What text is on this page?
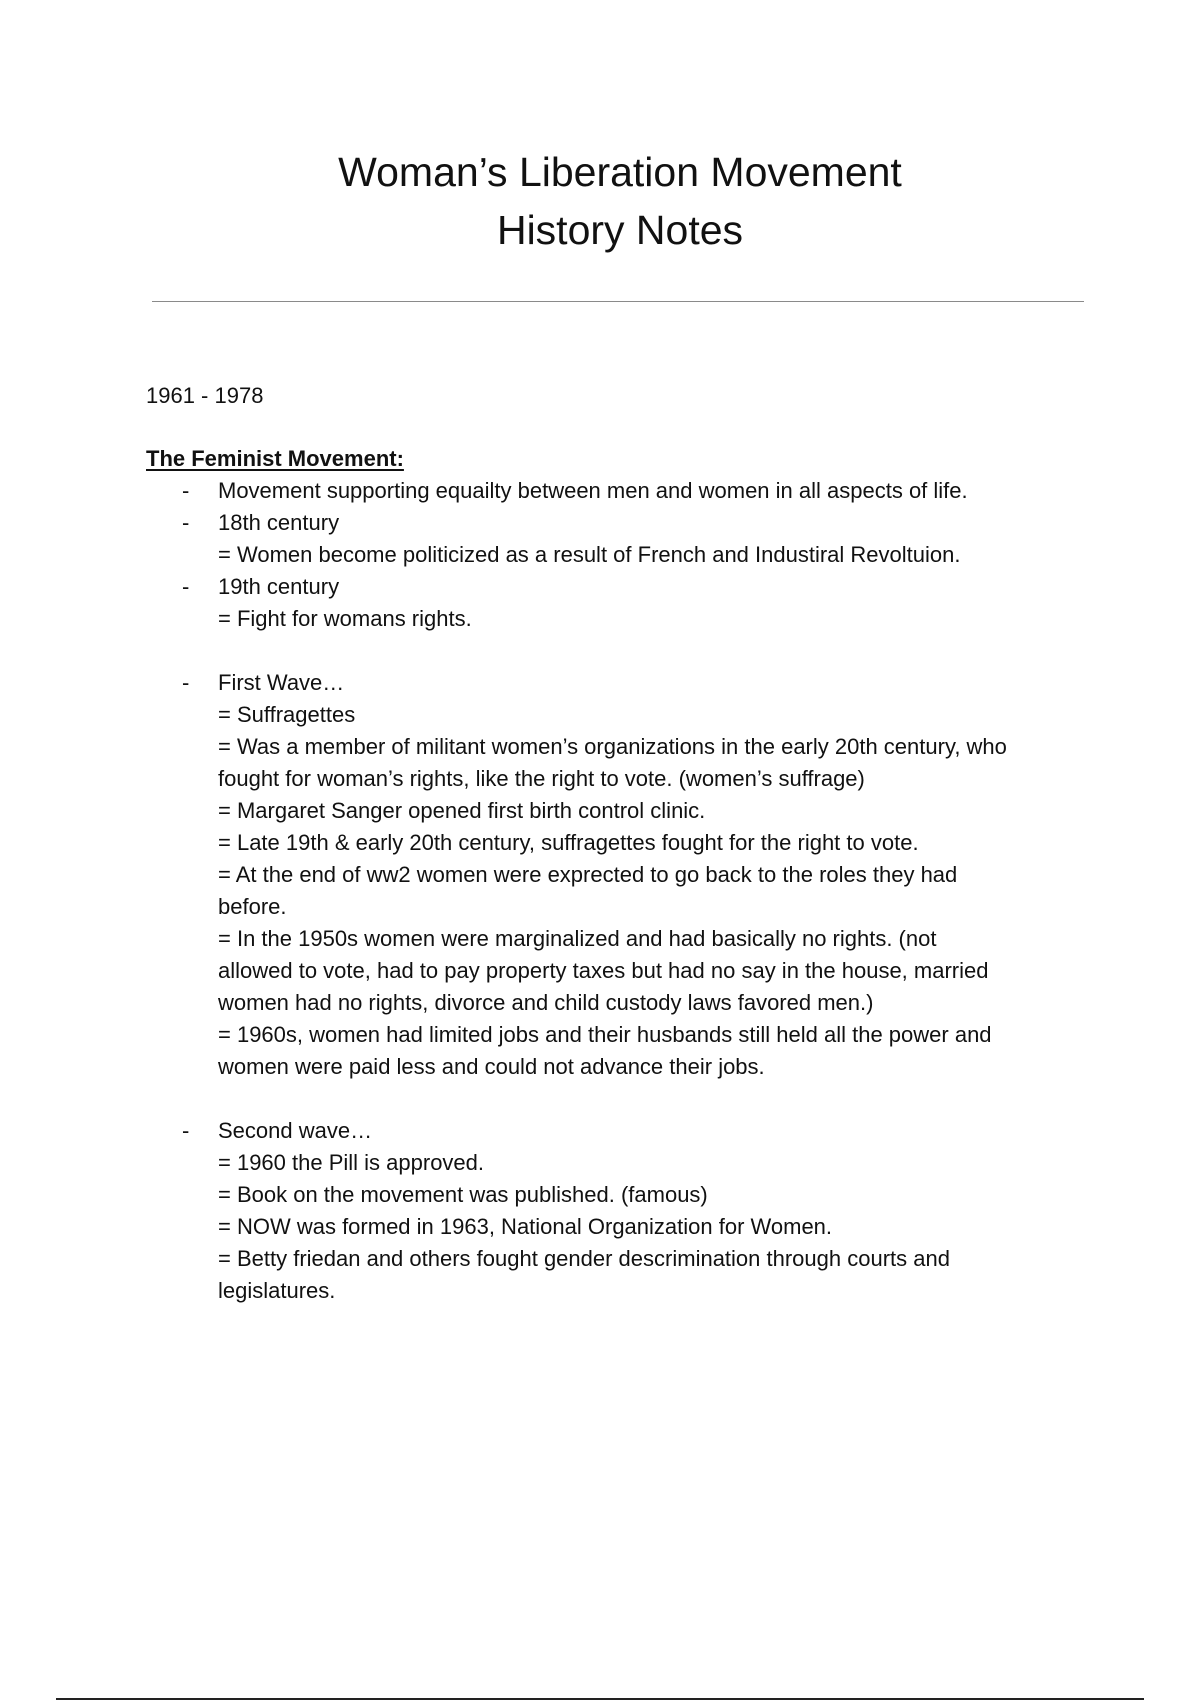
Woman’s Liberation Movement
History Notes
1961 - 1978
The Feminist Movement:
- Movement supporting equailty between men and women in all aspects of life.
- 18th century
= Women become politicized as a result of French and Industiral Revoltuion.
- 19th century
= Fight for womans rights.
- First Wave…
= Suffragettes
= Was a member of militant women’s organizations in the early 20th century, who
fought for woman’s rights, like the right to vote. (women’s suffrage)
= Margaret Sanger opened first birth control clinic.
= Late 19th & early 20th century, suffragettes fought for the right to vote.
= At the end of ww2 women were exprected to go back to the roles they had
before.
= In the 1950s women were marginalized and had basically no rights. (not
allowed to vote, had to pay property taxes but had no say in the house, married
women had no rights, divorce and child custody laws favored men.)
= 1960s, women had limited jobs and their husbands still held all the power and
women were paid less and could not advance their jobs.
- Second wave…
= 1960 the Pill is approved.
= Book on the movement was published. (famous)
= NOW was formed in 1963, National Organization for Women.
= Betty friedan and others fought gender descrimination through courts and
legislatures.
